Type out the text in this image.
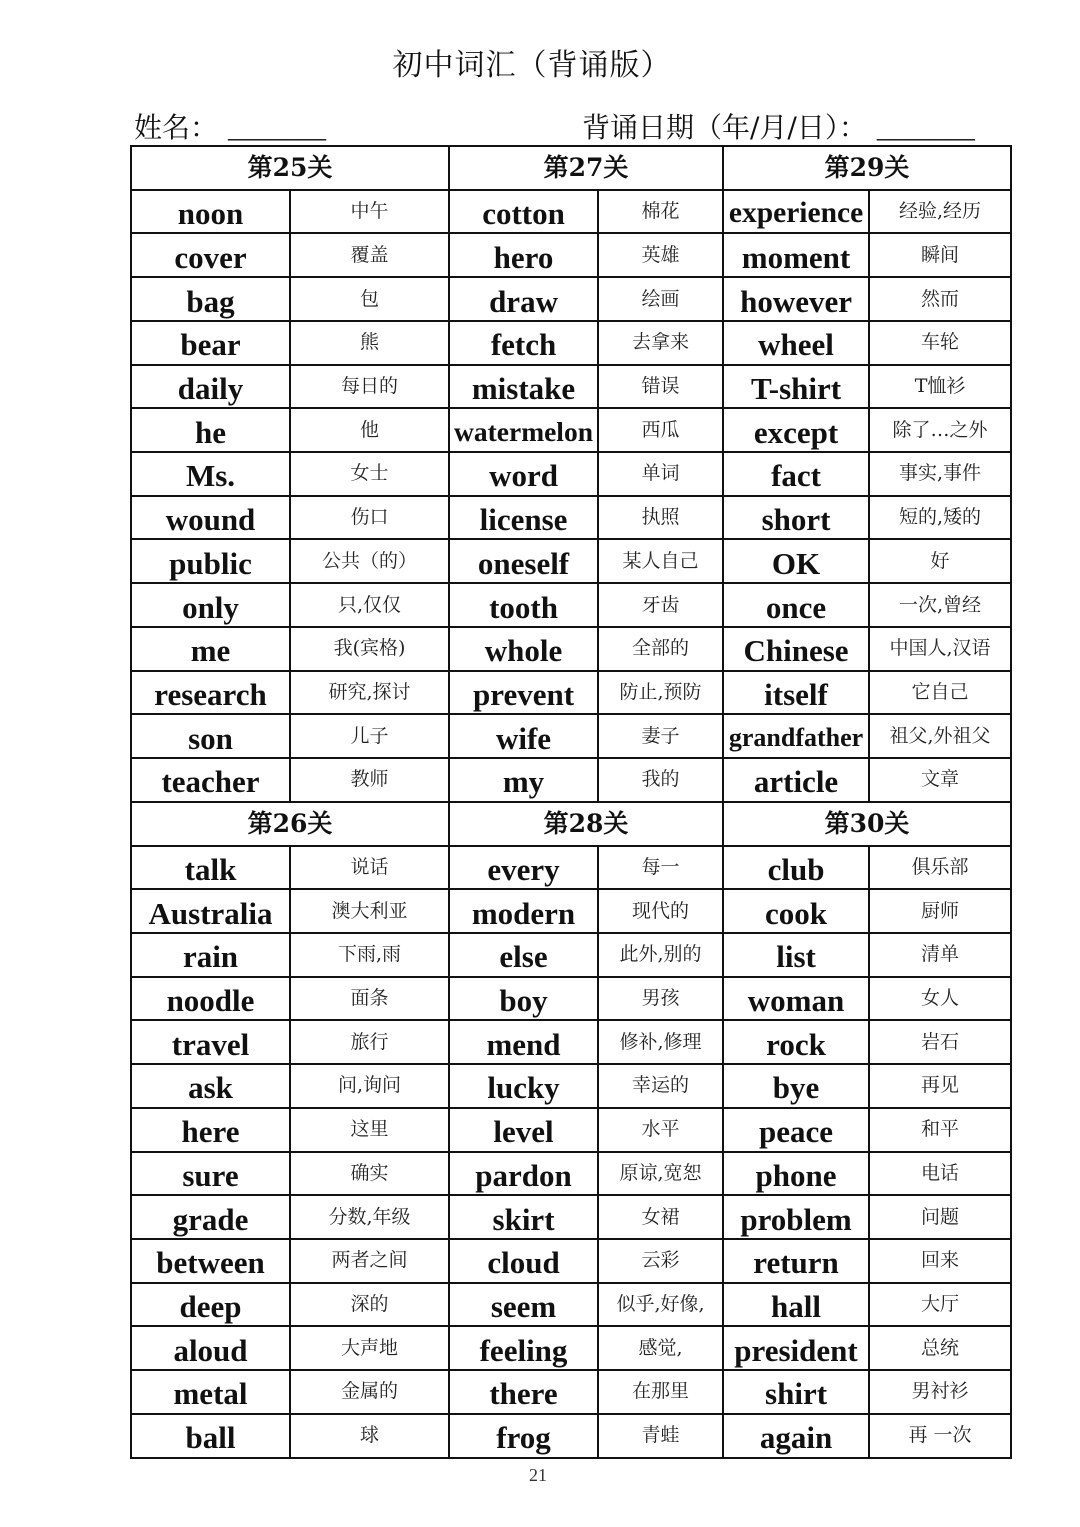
初中词汇（背诵版）
姓名： _______	背诵日期（年/月/日）： _______
第25关		第27关		第29关	
noon	中午	cotton	棉花	experience	经验,经历
cover	覆盖	hero	英雄	moment	瞬间
bag	包	draw	绘画	however	然而
bear	熊	fetch	去拿来	wheel	车轮
daily	每日的	mistake	错误	T-shirt	T恤衫
he	他	watermelon	西瓜	except	除了…之外
Ms.	女士	word	单词	fact	事实,事件
wound	伤口	license	执照	short	短的,矮的
public	公共（的）	oneself	某人自己	OK	好
only	只,仅仅	tooth	牙齿	once	一次,曾经
me	我(宾格)	whole	全部的	Chinese	中国人,汉语
research	研究,探讨	prevent	防止,预防	itself	它自己
son	儿子	wife	妻子	grandfather	祖父,外祖父
teacher	教师	my	我的	article	文章
第26关		第28关		第30关	
talk	说话	every	每一	club	俱乐部
Australia	澳大利亚	modern	现代的	cook	厨师
rain	下雨,雨	else	此外,别的	list	清单
noodle	面条	boy	男孩	woman	女人
travel	旅行	mend	修补,修理	rock	岩石
ask	问,询问	lucky	幸运的	bye	再见
here	这里	level	水平	peace	和平
sure	确实	pardon	原谅,宽恕	phone	电话
grade	分数,年级	skirt	女裙	problem	问题
between	两者之间	cloud	云彩	return	回来
deep	深的	seem	似乎,好像,	hall	大厅
aloud	大声地	feeling	感觉,	president	总统
metal	金属的	there	在那里	shirt	男衬衫
ball	球	frog	青蛙	again	再 一次
21
